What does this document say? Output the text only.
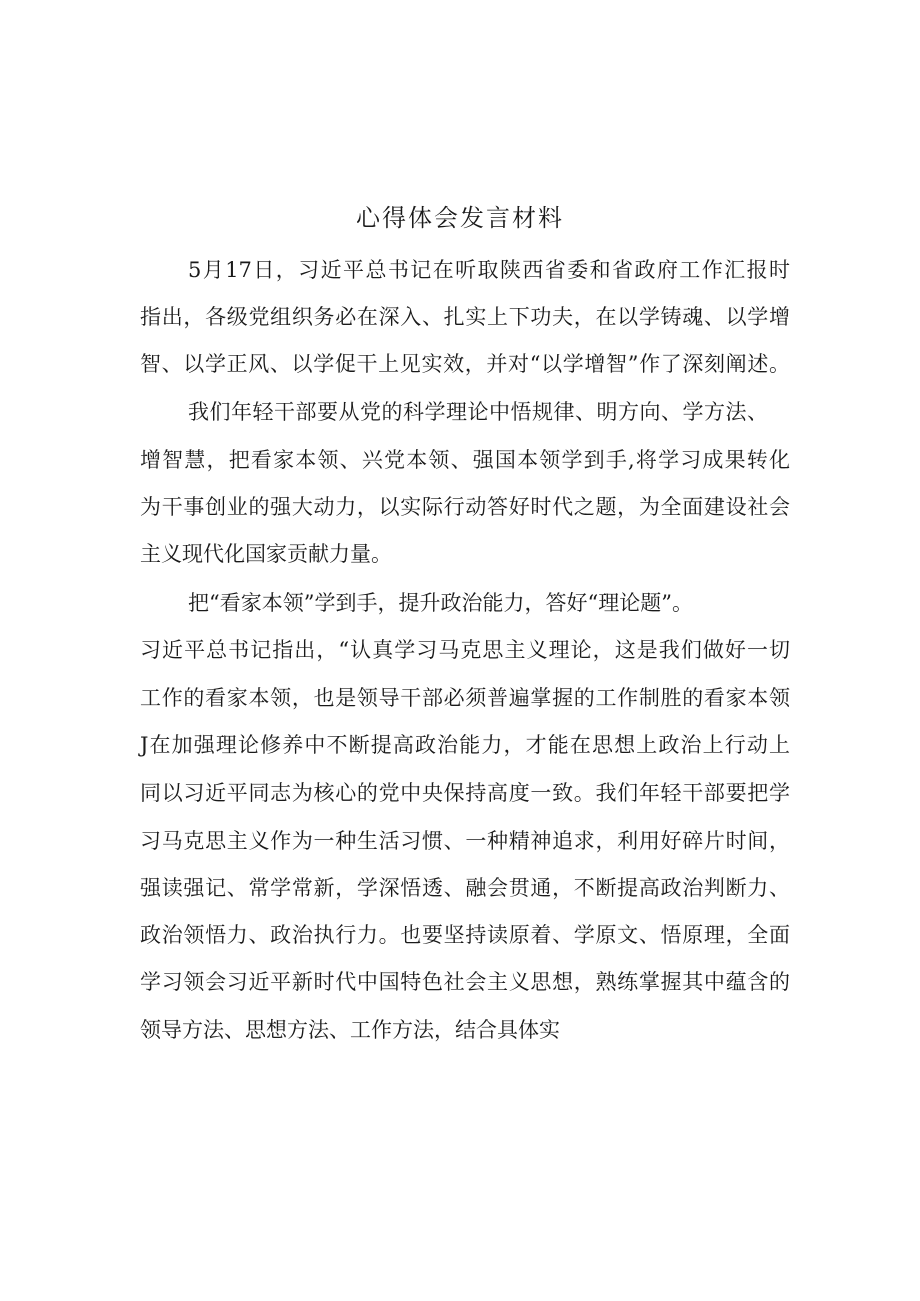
心得体会发言材料
5月17日，习近平总书记在听取陕西省委和省政府工作汇报时
指出，各级党组织务必在深入、扎实上下功夫，在以学铸魂、以学增
智、以学正风、以学促干上见实效，并对“以学增智”作了深刻阐述。
我们年轻干部要从党的科学理论中悟规律、明方向、学方法、
增智慧，把看家本领、兴党本领、强国本领学到手,将学习成果转化
为干事创业的强大动力，以实际行动答好时代之题，为全面建设社会
主义现代化国家贡献力量。
把“看家本领”学到手，提升政治能力，答好“理论题”。
习近平总书记指出，“认真学习马克思主义理论，这是我们做好一切
工作的看家本领，也是领导干部必须普遍掌握的工作制胜的看家本领
J在加强理论修养中不断提高政治能力，才能在思想上政治上行动上
同以习近平同志为核心的党中央保持高度一致。我们年轻干部要把学
习马克思主义作为一种生活习惯、一种精神追求，利用好碎片时间，
强读强记、常学常新，学深悟透、融会贯通，不断提高政治判断力、
政治领悟力、政治执行力。也要坚持读原着、学原文、悟原理，全面
学习领会习近平新时代中国特色社会主义思想，熟练掌握其中蕴含的
领导方法、思想方法、工作方法，结合具体实
